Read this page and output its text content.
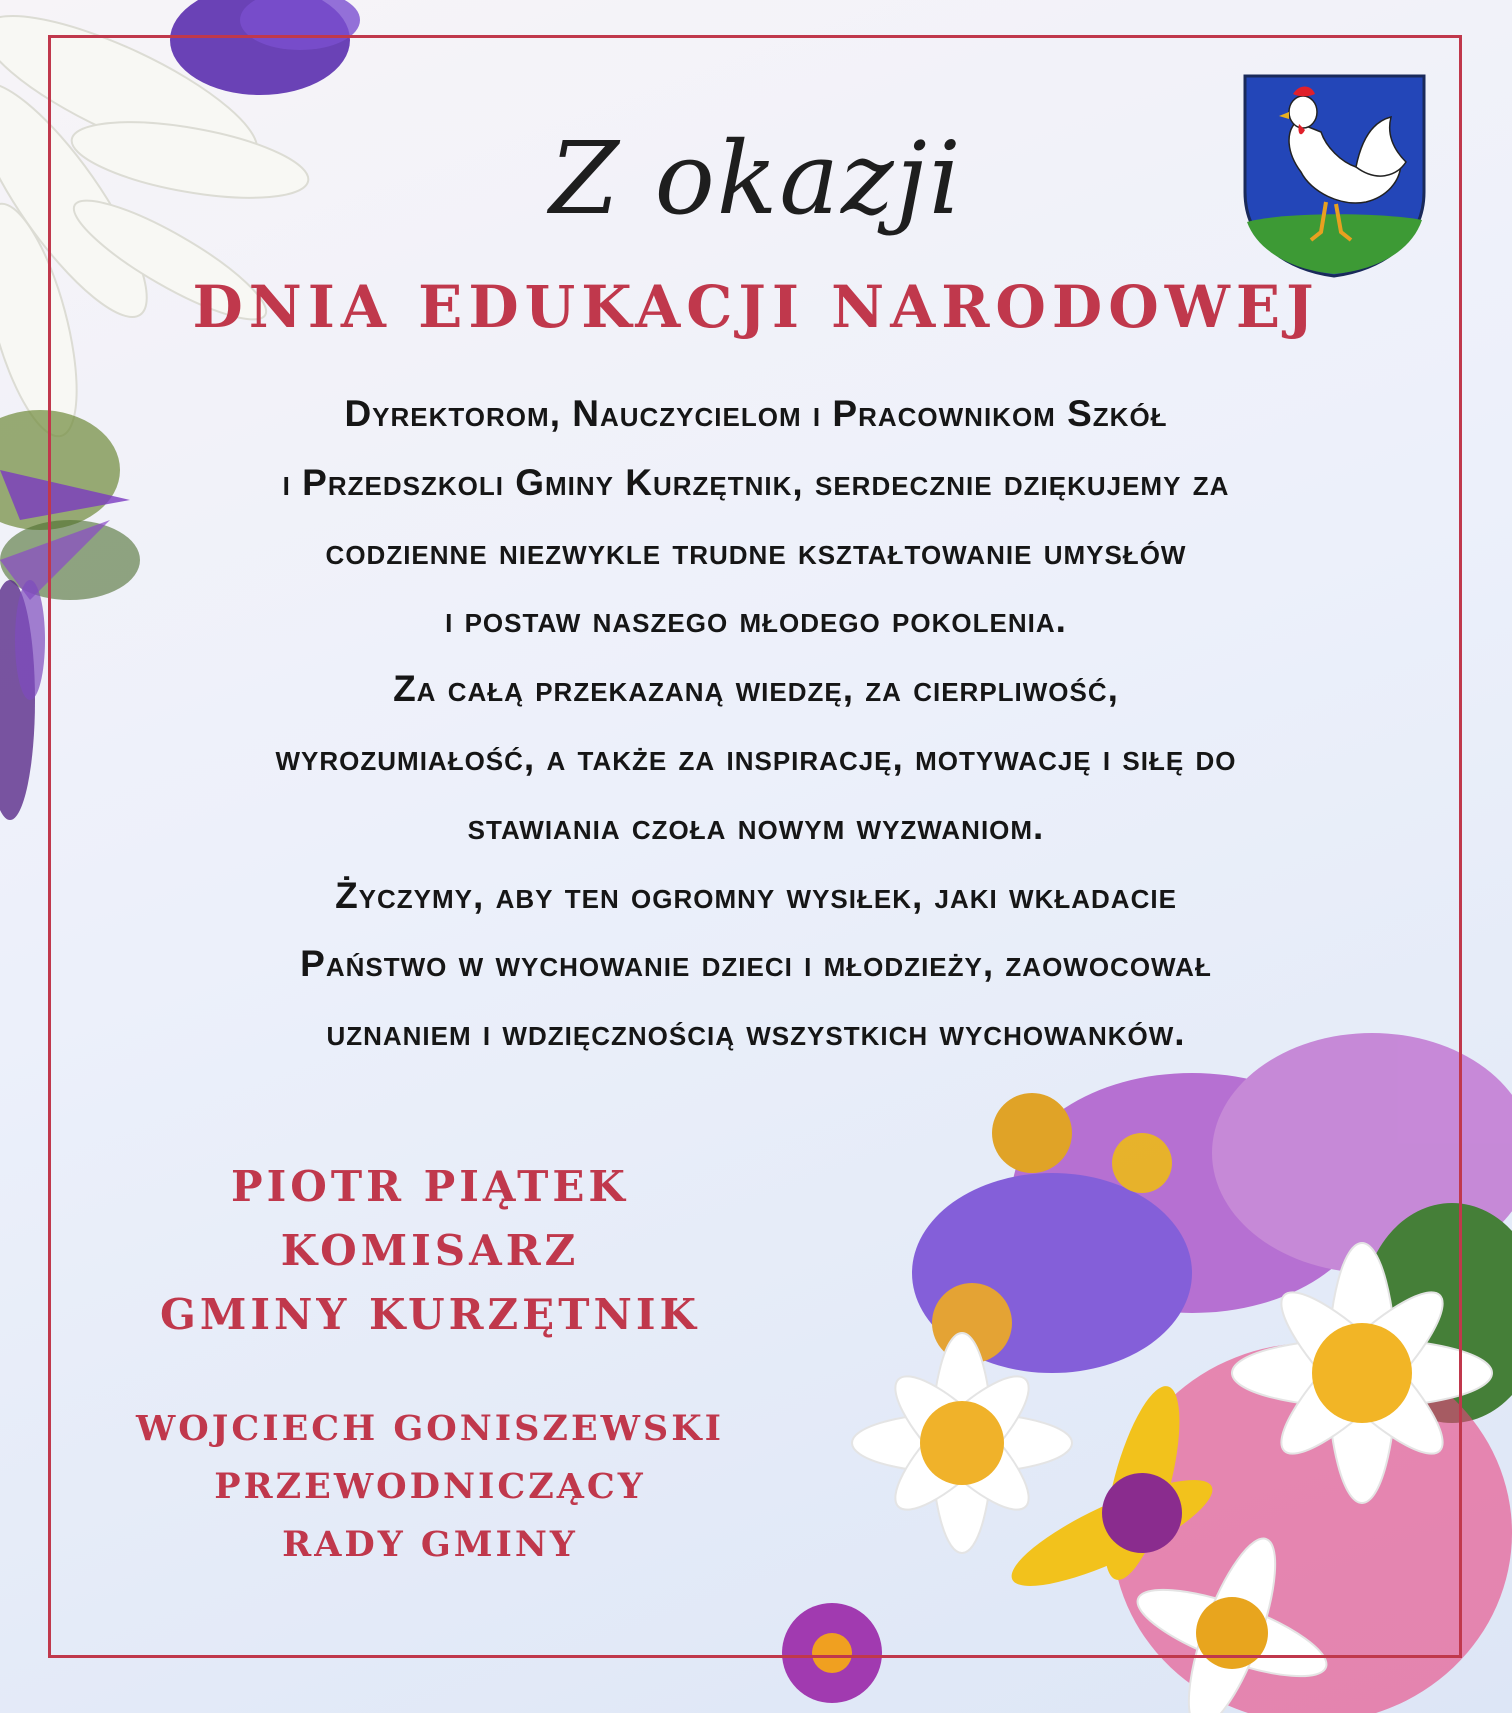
Z okazji
DNIA EDUKACJI NARODOWEJ
Dyrektorom, Nauczycielom i Pracownikom Szkół
i Przedszkoli Gminy Kurzętnik, serdecznie dziękujemy za
codzienne niezwykle trudne kształtowanie umysłów
i postaw naszego młodego pokolenia.
Za całą przekazaną wiedzę, za cierpliwość,
wyrozumiałość, a także za inspirację, motywację i siłę do
stawiania czoła nowym wyzwaniom.
Życzymy, aby ten ogromny wysiłek, jaki wkładacie
Państwo w wychowanie dzieci i młodzieży, zaowocował
uznaniem i wdzięcznością wszystkich wychowanków.
PIOTR PIĄTEK
KOMISARZ
GMINY KURZĘTNIK
WOJCIECH GONISZEWSKI
PRZEWODNICZĄCY
RADY GMINY
